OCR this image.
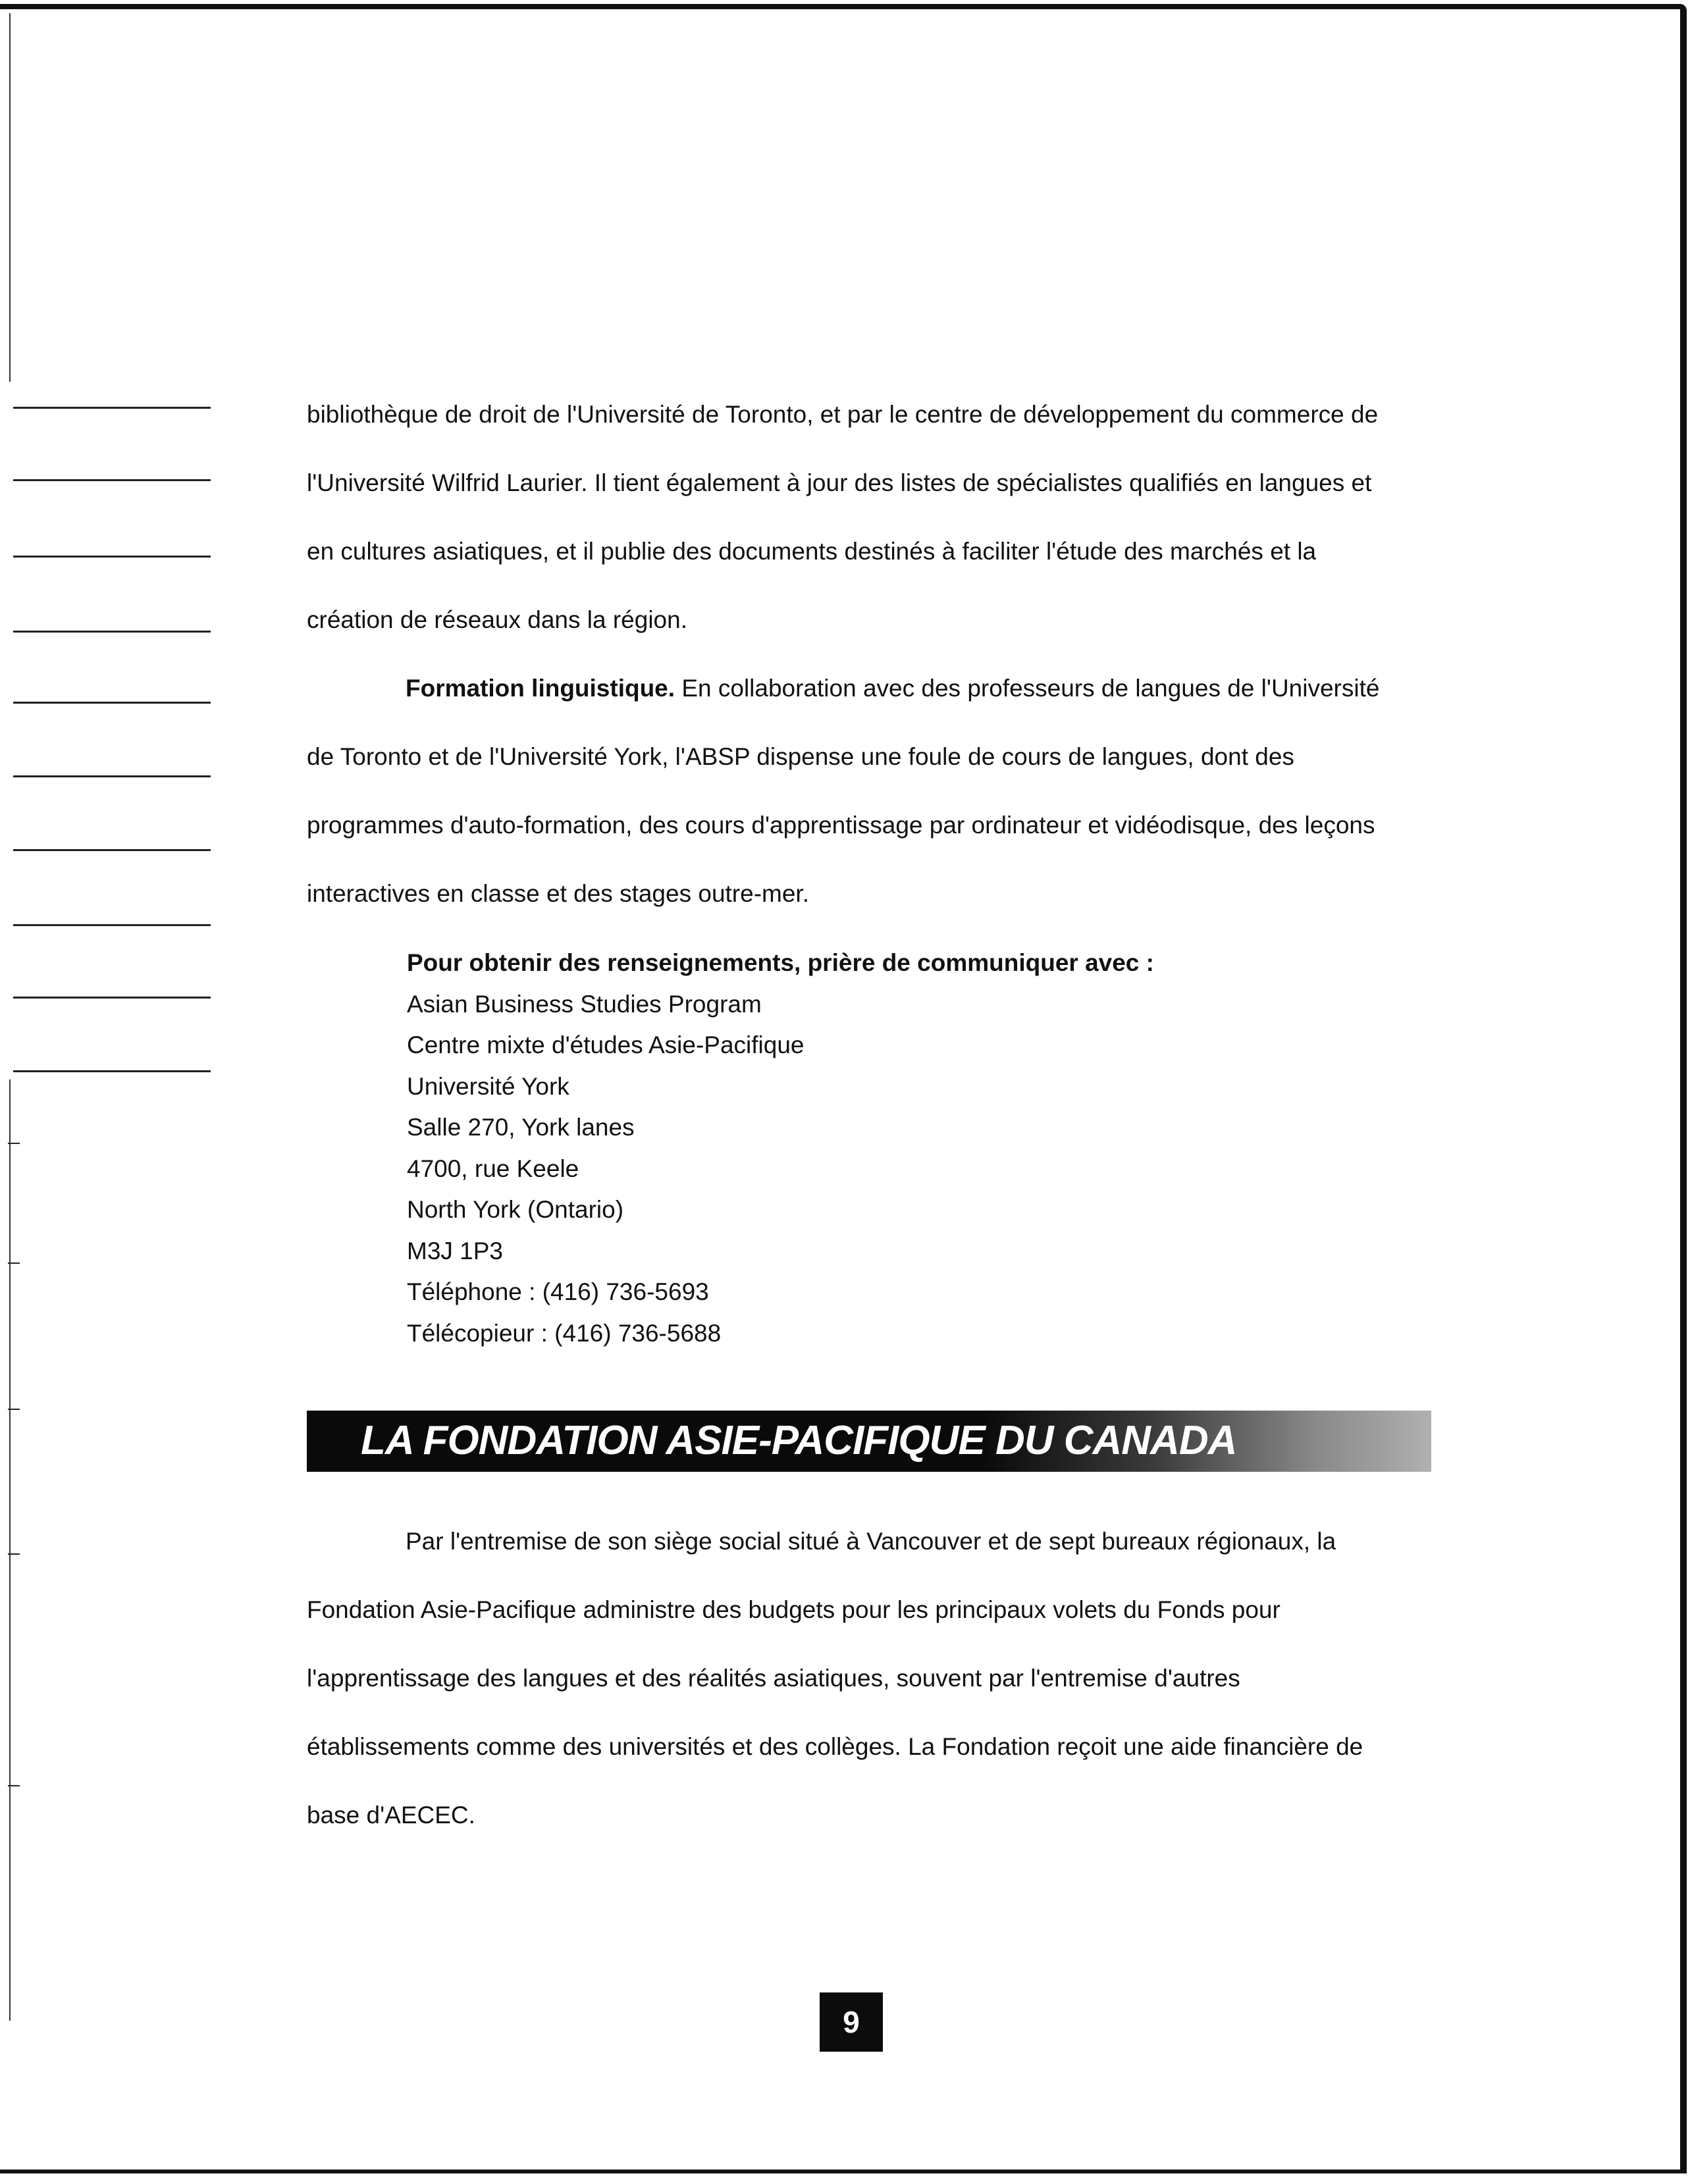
bibliothèque de droit de l'Université de Toronto, et par le centre de développement du commerce de l'Université Wilfrid Laurier. Il tient également à jour des listes de spécialistes qualifiés en langues et en cultures asiatiques, et il publie des documents destinés à faciliter l'étude des marchés et la création de réseaux dans la région.

Formation linguistique. En collaboration avec des professeurs de langues de l'Université de Toronto et de l'Université York, l'ABSP dispense une foule de cours de langues, dont des programmes d'auto-formation, des cours d'apprentissage par ordinateur et vidéodisque, des leçons interactives en classe et des stages outre-mer.

Pour obtenir des renseignements, prière de communiquer avec :
Asian Business Studies Program
Centre mixte d'études Asie-Pacifique
Université York
Salle 270, York lanes
4700, rue Keele
North York (Ontario)
M3J 1P3
Téléphone : (416) 736-5693
Télécopieur : (416) 736-5688
LA FONDATION ASIE-PACIFIQUE DU CANADA

Par l'entremise de son siège social situé à Vancouver et de sept bureaux régionaux, la Fondation Asie-Pacifique administre des budgets pour les principaux volets du Fonds pour l'apprentissage des langues et des réalités asiatiques, souvent par l'entremise d'autres établissements comme des universités et des collèges. La Fondation reçoit une aide financière de base d'AECEC.

9
